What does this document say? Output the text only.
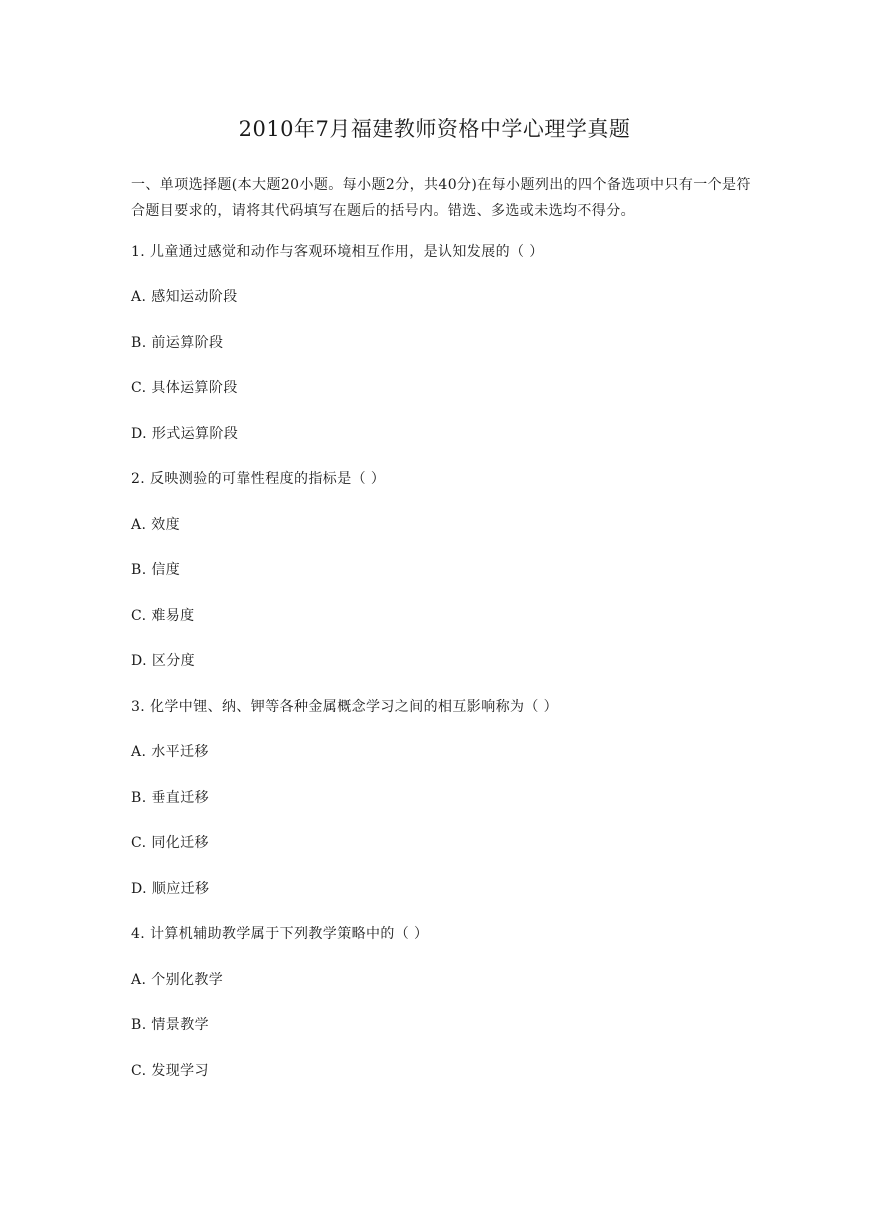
2010年7月福建教师资格中学心理学真题
一、单项选择题(本大题20小题。每小题2分，共40分)在每小题列出的四个备选项中只有一个是符合题目要求的，请将其代码填写在题后的括号内。错选、多选或未选均不得分。
1. 儿童通过感觉和动作与客观环境相互作用，是认知发展的（ ）
A. 感知运动阶段
B. 前运算阶段
C. 具体运算阶段
D. 形式运算阶段
2. 反映测验的可靠性程度的指标是（ ）
A. 效度
B. 信度
C. 难易度
D. 区分度
3. 化学中锂、纳、钾等各种金属概念学习之间的相互影响称为（ ）
A. 水平迁移
B. 垂直迁移
C. 同化迁移
D. 顺应迁移
4. 计算机辅助教学属于下列教学策略中的（ ）
A. 个别化教学
B. 情景教学
C. 发现学习
